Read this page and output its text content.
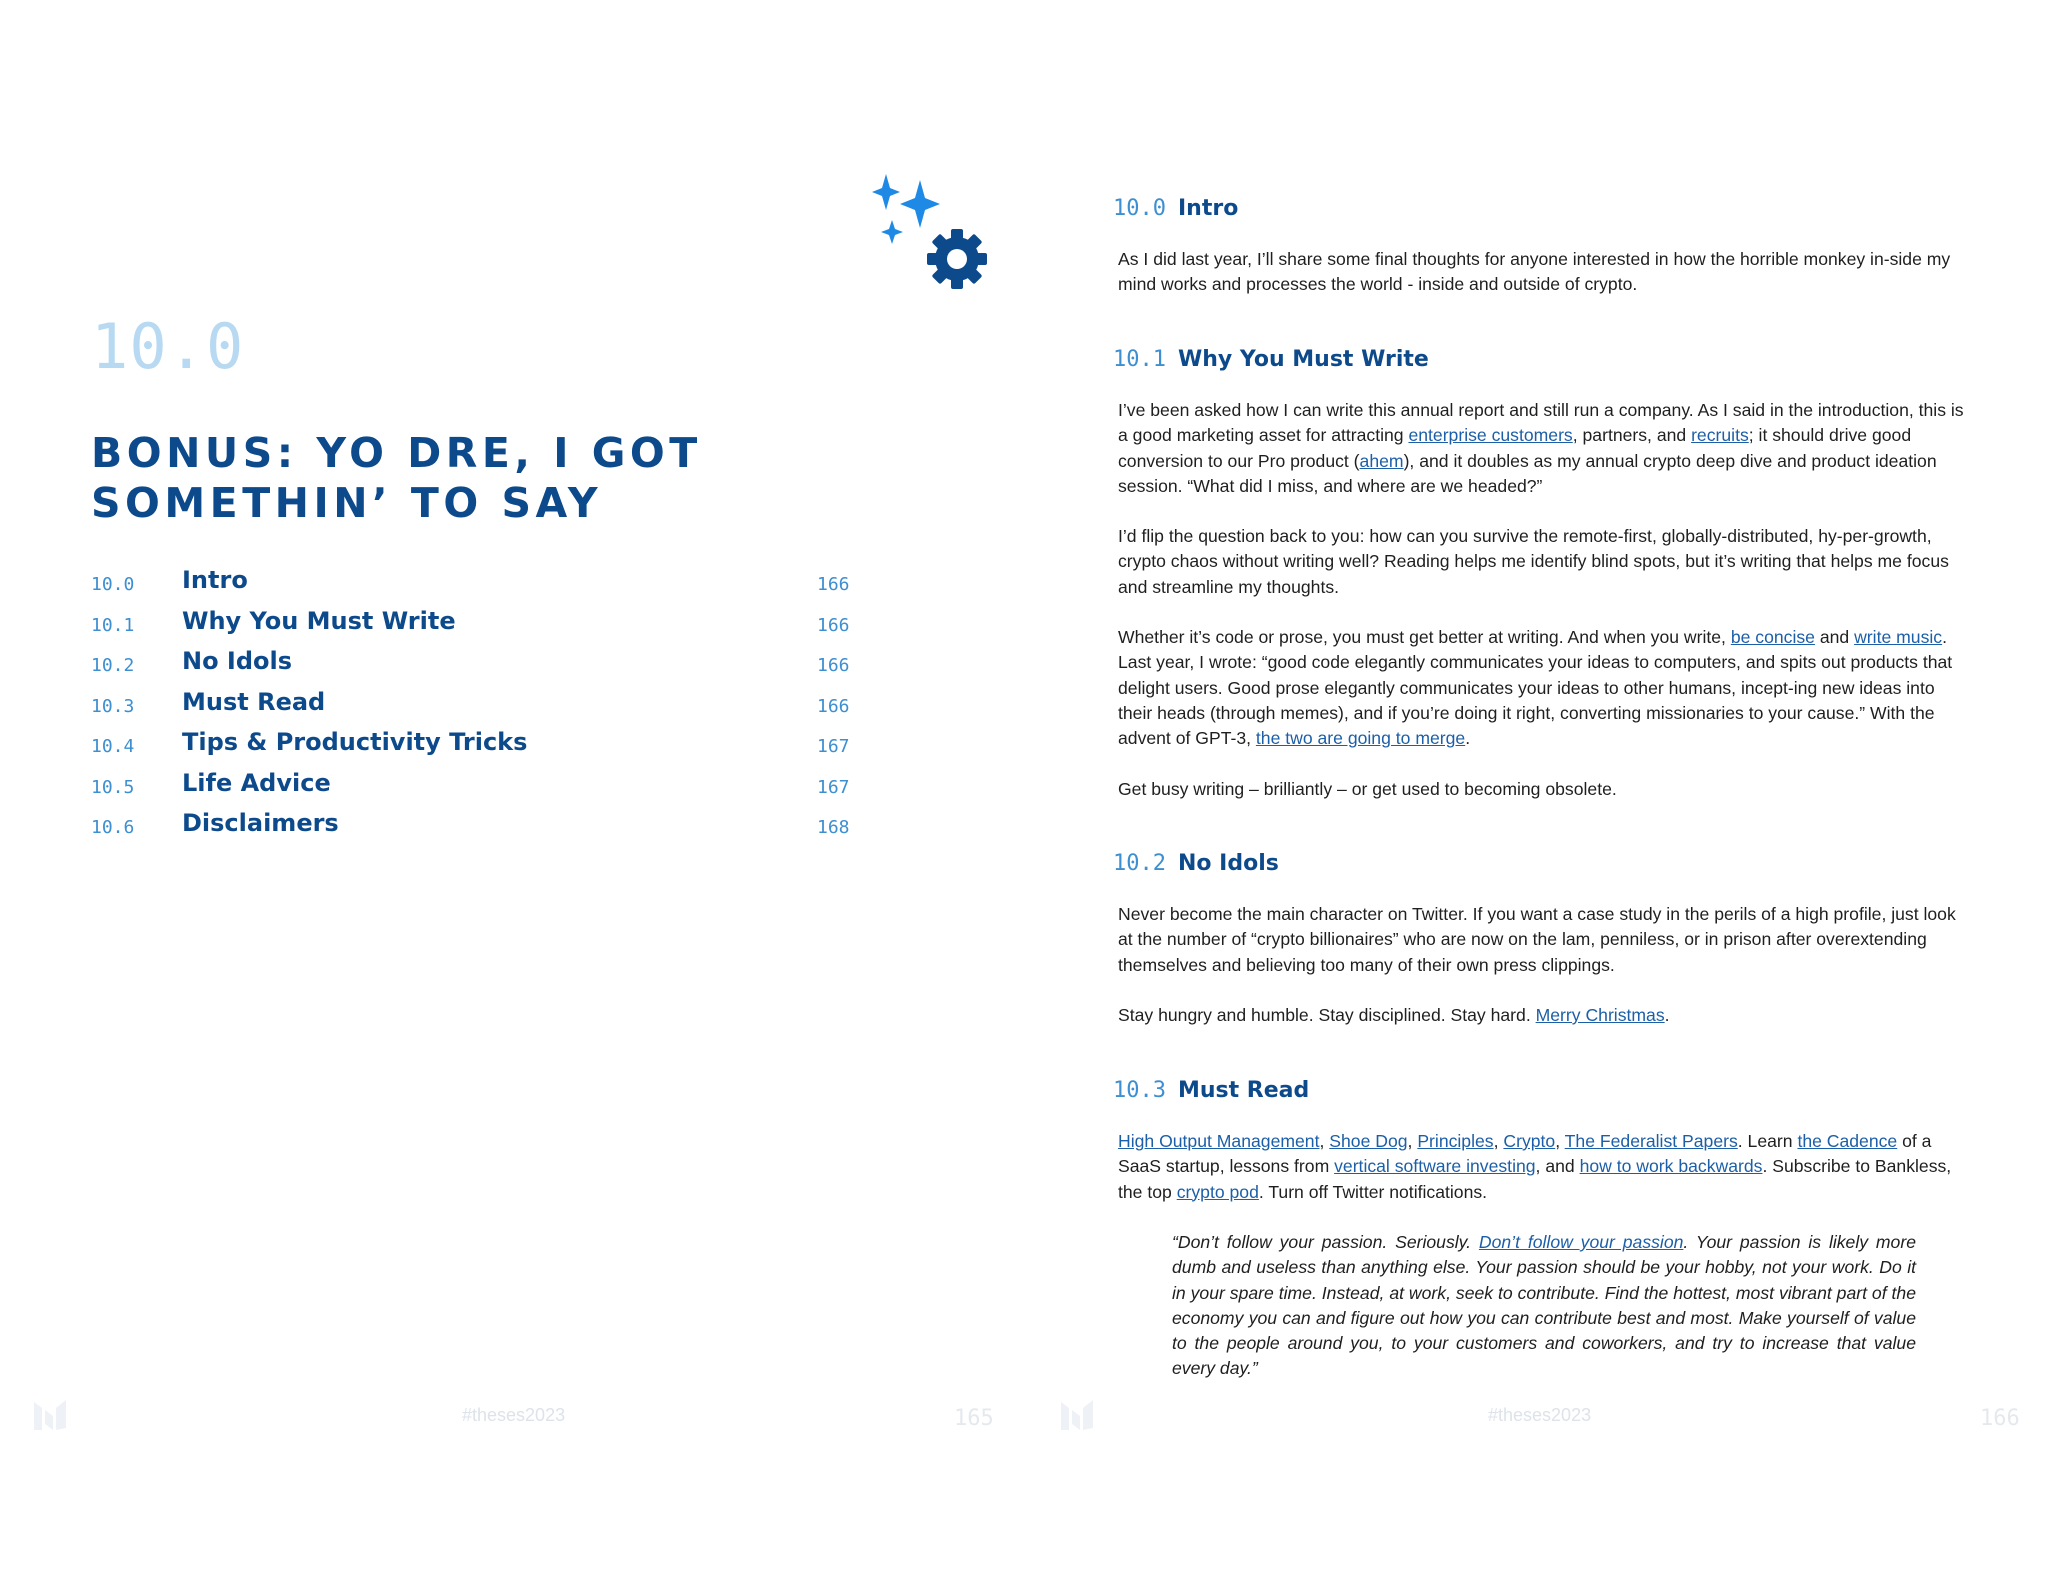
10.0
BONUS: YO DRE, I GOT
SOMETHIN’ TO SAY
10.0 Intro	166
10.1 Why You Must Write	166
10.2 No Idols	166
10.3 Must Read	166
10.4 Tips & Productivity Tricks	167
10.5 Life Advice	167
10.6 Disclaimers	168
#theses2023	165
10.0 Intro

As I did last year, I’ll share some final thoughts for anyone interested in how the horrible monkey in-side my mind works and processes the world - inside and outside of crypto.

10.1 Why You Must Write

I’ve been asked how I can write this annual report and still run a company. As I said in the introduction, this is a good marketing asset for attracting enterprise customers, partners, and recruits; it should drive good conversion to our Pro product (ahem), and it doubles as my annual crypto deep dive and product ideation session. “What did I miss, and where are we headed?”

I’d flip the question back to you: how can you survive the remote-first, globally-distributed, hy-per-growth, crypto chaos without writing well? Reading helps me identify blind spots, but it’s writing that helps me focus and streamline my thoughts.

Whether it’s code or prose, you must get better at writing. And when you write, be concise and write music. Last year, I wrote: “good code elegantly communicates your ideas to computers, and spits out products that delight users. Good prose elegantly communicates your ideas to other humans, incept-ing new ideas into their heads (through memes), and if you’re doing it right, converting missionaries to your cause.” With the advent of GPT-3, the two are going to merge.

Get busy writing – brilliantly – or get used to becoming obsolete.

10.2 No Idols

Never become the main character on Twitter. If you want a case study in the perils of a high profile, just look at the number of “crypto billionaires” who are now on the lam, penniless, or in prison after overextending themselves and believing too many of their own press clippings.

Stay hungry and humble. Stay disciplined. Stay hard. Merry Christmas.

10.3 Must Read

High Output Management, Shoe Dog, Principles, Crypto, The Federalist Papers. Learn the Cadence of a SaaS startup, lessons from vertical software investing, and how to work backwards. Subscribe to Bankless, the top crypto pod. Turn off Twitter notifications.

“Don’t follow your passion. Seriously. Don’t follow your passion. Your passion is likely more dumb and useless than anything else. Your passion should be your hobby, not your work. Do it in your spare time. Instead, at work, seek to contribute. Find the hottest, most vibrant part of the economy you can and figure out how you can contribute best and most. Make yourself of value to the people around you, to your customers and coworkers, and try to increase that value every day.”

#theses2023	166
